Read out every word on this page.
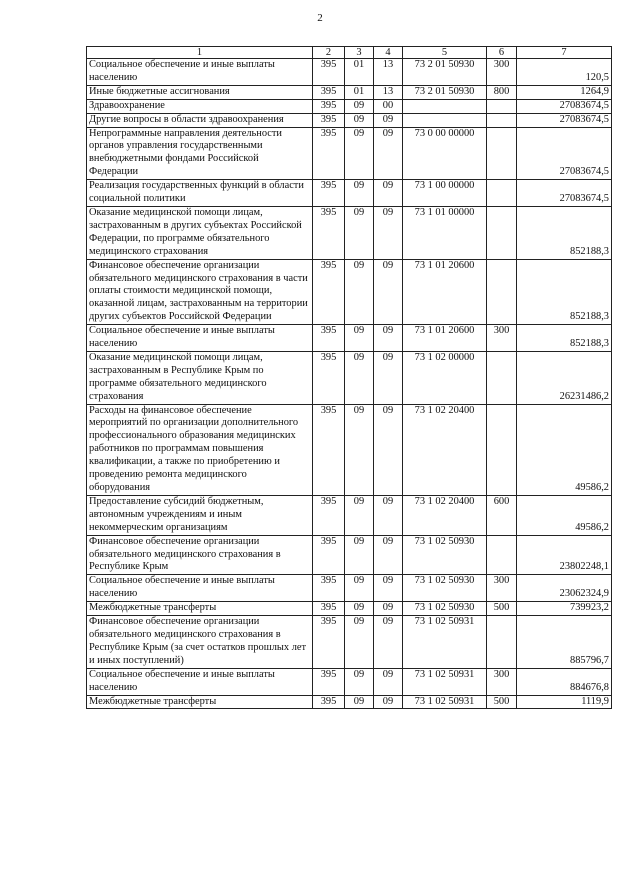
2
1	2	3	4	5	6	7
Социальное обеспечение и иные выплаты населению	395	01	13	73 2 01 50930	300	120,5
Иные бюджетные ассигнования	395	01	13	73 2 01 50930	800	1264,9
Здравоохранение	395	09	00			27083674,5
Другие вопросы в области здравоохранения	395	09	09			27083674,5
Непрограммные направления деятельности органов управления государственными внебюджетными фондами Российской Федерации	395	09	09	73 0 00 00000		27083674,5
Реализация государственных функций в области социальной политики	395	09	09	73 1 00 00000		27083674,5
Оказание медицинской помощи лицам, застрахованным в других субъектах Российской Федерации, по программе обязательного медицинского страхования	395	09	09	73 1 01 00000		852188,3
Финансовое обеспечение организации обязательного медицинского страхования в части оплаты стоимости медицинской помощи, оказанной лицам, застрахованным на территории других субъектов Российской Федерации	395	09	09	73 1 01 20600		852188,3
Социальное обеспечение и иные выплаты населению	395	09	09	73 1 01 20600	300	852188,3
Оказание медицинской помощи лицам, застрахованным в Республике Крым по программе обязательного медицинского страхования	395	09	09	73 1 02 00000		26231486,2
Расходы на финансовое обеспечение мероприятий по организации дополнительного профессионального образования медицинских работников по программам повышения квалификации, а также по приобретению и проведению ремонта медицинского оборудования	395	09	09	73 1 02 20400		49586,2
Предоставление субсидий бюджетным, автономным учреждениям и иным некоммерческим организациям	395	09	09	73 1 02 20400	600	49586,2
Финансовое обеспечение организации обязательного медицинского страхования в Республике Крым	395	09	09	73 1 02 50930		23802248,1
Социальное обеспечение и иные выплаты населению	395	09	09	73 1 02 50930	300	23062324,9
Межбюджетные трансферты	395	09	09	73 1 02 50930	500	739923,2
Финансовое обеспечение организации обязательного медицинского страхования в Республике Крым (за счет остатков прошлых лет и иных поступлений)	395	09	09	73 1 02 50931		885796,7
Социальное обеспечение и иные выплаты населению	395	09	09	73 1 02 50931	300	884676,8
Межбюджетные трансферты	395	09	09	73 1 02 50931	500	1119,9
